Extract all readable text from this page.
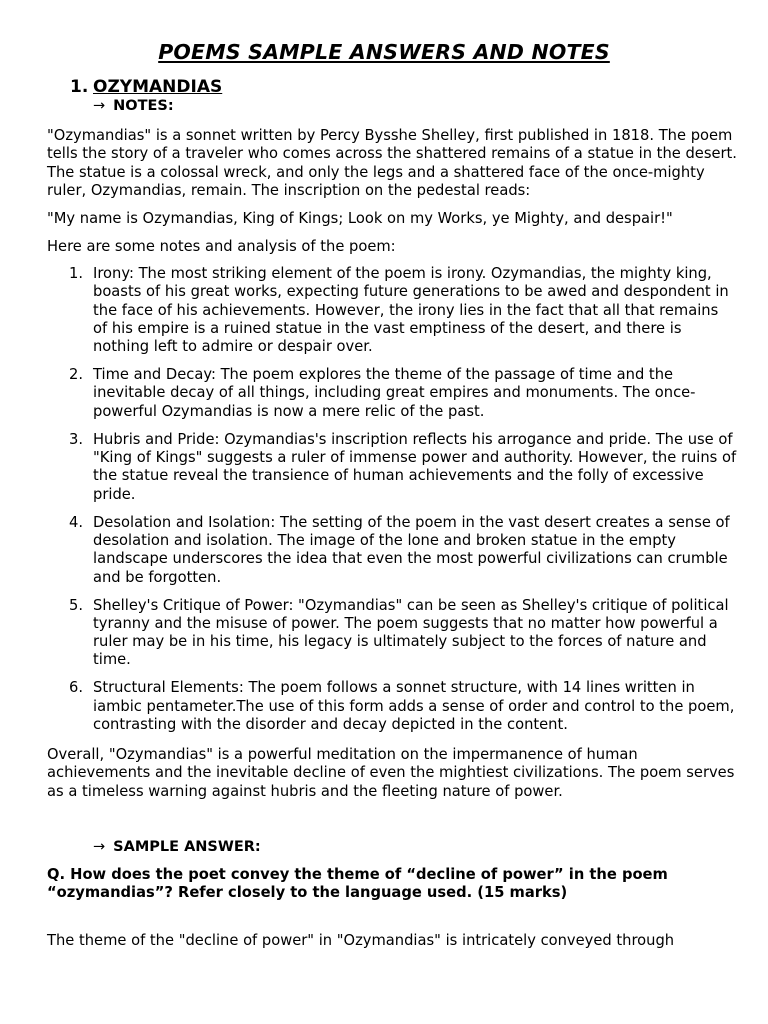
POEMS SAMPLE ANSWERS AND NOTES
1. OZYMANDIAS
→ NOTES:

"Ozymandias" is a sonnet written by Percy Bysshe Shelley, first published in 1818. The poem tells the story of a traveler who comes across the shattered remains of a statue in the desert. The statue is a colossal wreck, and only the legs and a shattered face of the once-mighty ruler, Ozymandias, remain. The inscription on the pedestal reads:

"My name is Ozymandias, King of Kings; Look on my Works, ye Mighty, and despair!"

Here are some notes and analysis of the poem:

1. Irony: The most striking element of the poem is irony. Ozymandias, the mighty king, boasts of his great works, expecting future generations to be awed and despondent in the face of his achievements. However, the irony lies in the fact that all that remains of his empire is a ruined statue in the vast emptiness of the desert, and there is nothing left to admire or despair over.
2. Time and Decay: The poem explores the theme of the passage of time and the inevitable decay of all things, including great empires and monuments. The once-powerful Ozymandias is now a mere relic of the past.
3. Hubris and Pride: Ozymandias's inscription reflects his arrogance and pride. The use of "King of Kings" suggests a ruler of immense power and authority. However, the ruins of the statue reveal the transience of human achievements and the folly of excessive pride.
4. Desolation and Isolation: The setting of the poem in the vast desert creates a sense of desolation and isolation. The image of the lone and broken statue in the empty landscape underscores the idea that even the most powerful civilizations can crumble and be forgotten.
5. Shelley's Critique of Power: "Ozymandias" can be seen as Shelley's critique of political tyranny and the misuse of power. The poem suggests that no matter how powerful a ruler may be in his time, his legacy is ultimately subject to the forces of nature and time.
6. Structural Elements: The poem follows a sonnet structure, with 14 lines written in iambic pentameter.The use of this form adds a sense of order and control to the poem, contrasting with the disorder and decay depicted in the content.

Overall, "Ozymandias" is a powerful meditation on the impermanence of human achievements and the inevitable decline of even the mightiest civilizations. The poem serves as a timeless warning against hubris and the fleeting nature of power.

→ SAMPLE ANSWER:

Q. How does the poet convey the theme of “decline of power” in the poem “ozymandias”? Refer closely to the language used. (15 marks)

The theme of the "decline of power" in "Ozymandias" is intricately conveyed through
